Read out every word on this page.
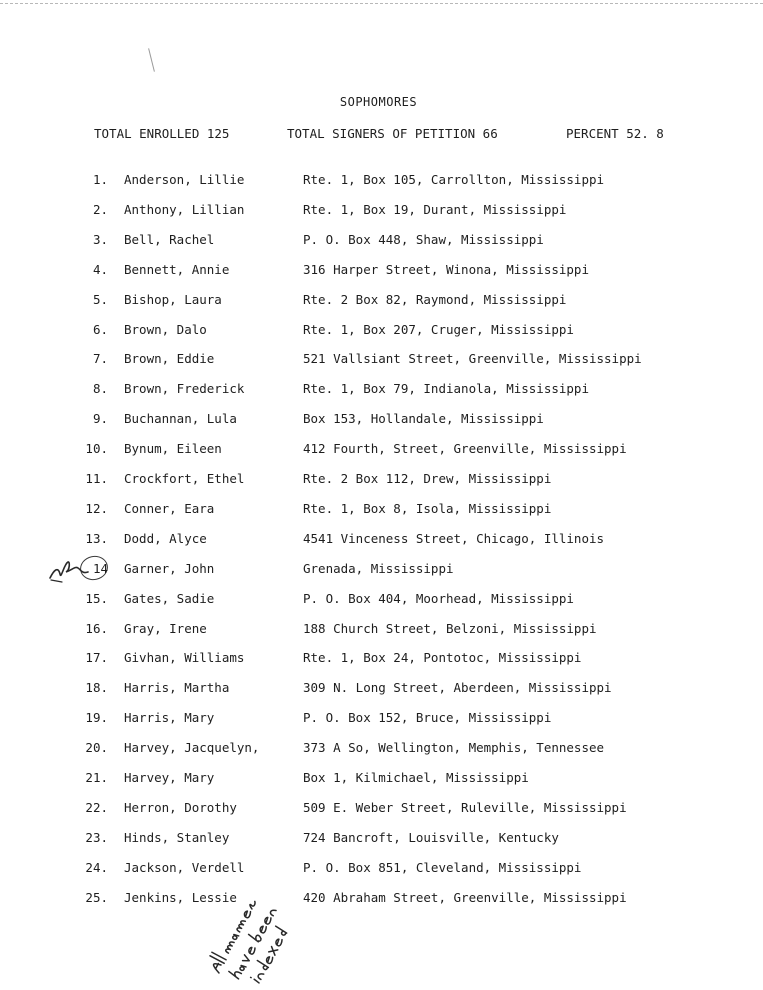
SOPHOMORES
TOTAL ENROLLED 125	TOTAL SIGNERS OF PETITION 66	PERCENT 52. 8
1. Anderson, Lillie	Rte. 1, Box 105, Carrollton, Mississippi
2. Anthony, Lillian	Rte. 1, Box 19, Durant, Mississippi
3. Bell, Rachel	P. O. Box 448, Shaw, Mississippi
4. Bennett, Annie	316 Harper Street, Winona, Mississippi
5. Bishop, Laura	Rte. 2 Box 82, Raymond, Mississippi
6. Brown, Dalo	Rte. 1, Box 207, Cruger, Mississippi
7. Brown, Eddie	521 Vallsiant Street, Greenville, Mississippi
8. Brown, Frederick	Rte. 1, Box 79, Indianola, Mississippi
9. Buchannan, Lula	Box 153, Hollandale, Mississippi
10. Bynum, Eileen	412 Fourth, Street, Greenville, Mississippi
11. Crockfort, Ethel	Rte. 2 Box 112, Drew, Mississippi
12. Conner, Eara	Rte. 1, Box 8, Isola, Mississippi
13. Dodd, Alyce	4541 Vinceness Street, Chicago, Illinois
14 Garner, John	Grenada, Mississippi
15. Gates, Sadie	P. O. Box 404, Moorhead, Mississippi
16. Gray, Irene	188 Church Street, Belzoni, Mississippi
17. Givhan, Williams	Rte. 1, Box 24, Pontotoc, Mississippi
18. Harris, Martha	309 N. Long Street, Aberdeen, Mississippi
19. Harris, Mary	P. O. Box 152, Bruce, Mississippi
20. Harvey, Jacquelyn,	373 A So, Wellington, Memphis, Tennessee
21. Harvey, Mary	Box 1, Kilmichael, Mississippi
22. Herron, Dorothy	509 E. Weber Street, Ruleville, Mississippi
23. Hinds, Stanley	724 Bancroft, Louisville, Kentucky
24. Jackson, Verdell	P. O. Box 851, Cleveland, Mississippi
25. Jenkins, Lessie	420 Abraham Street, Greenville, Mississippi
